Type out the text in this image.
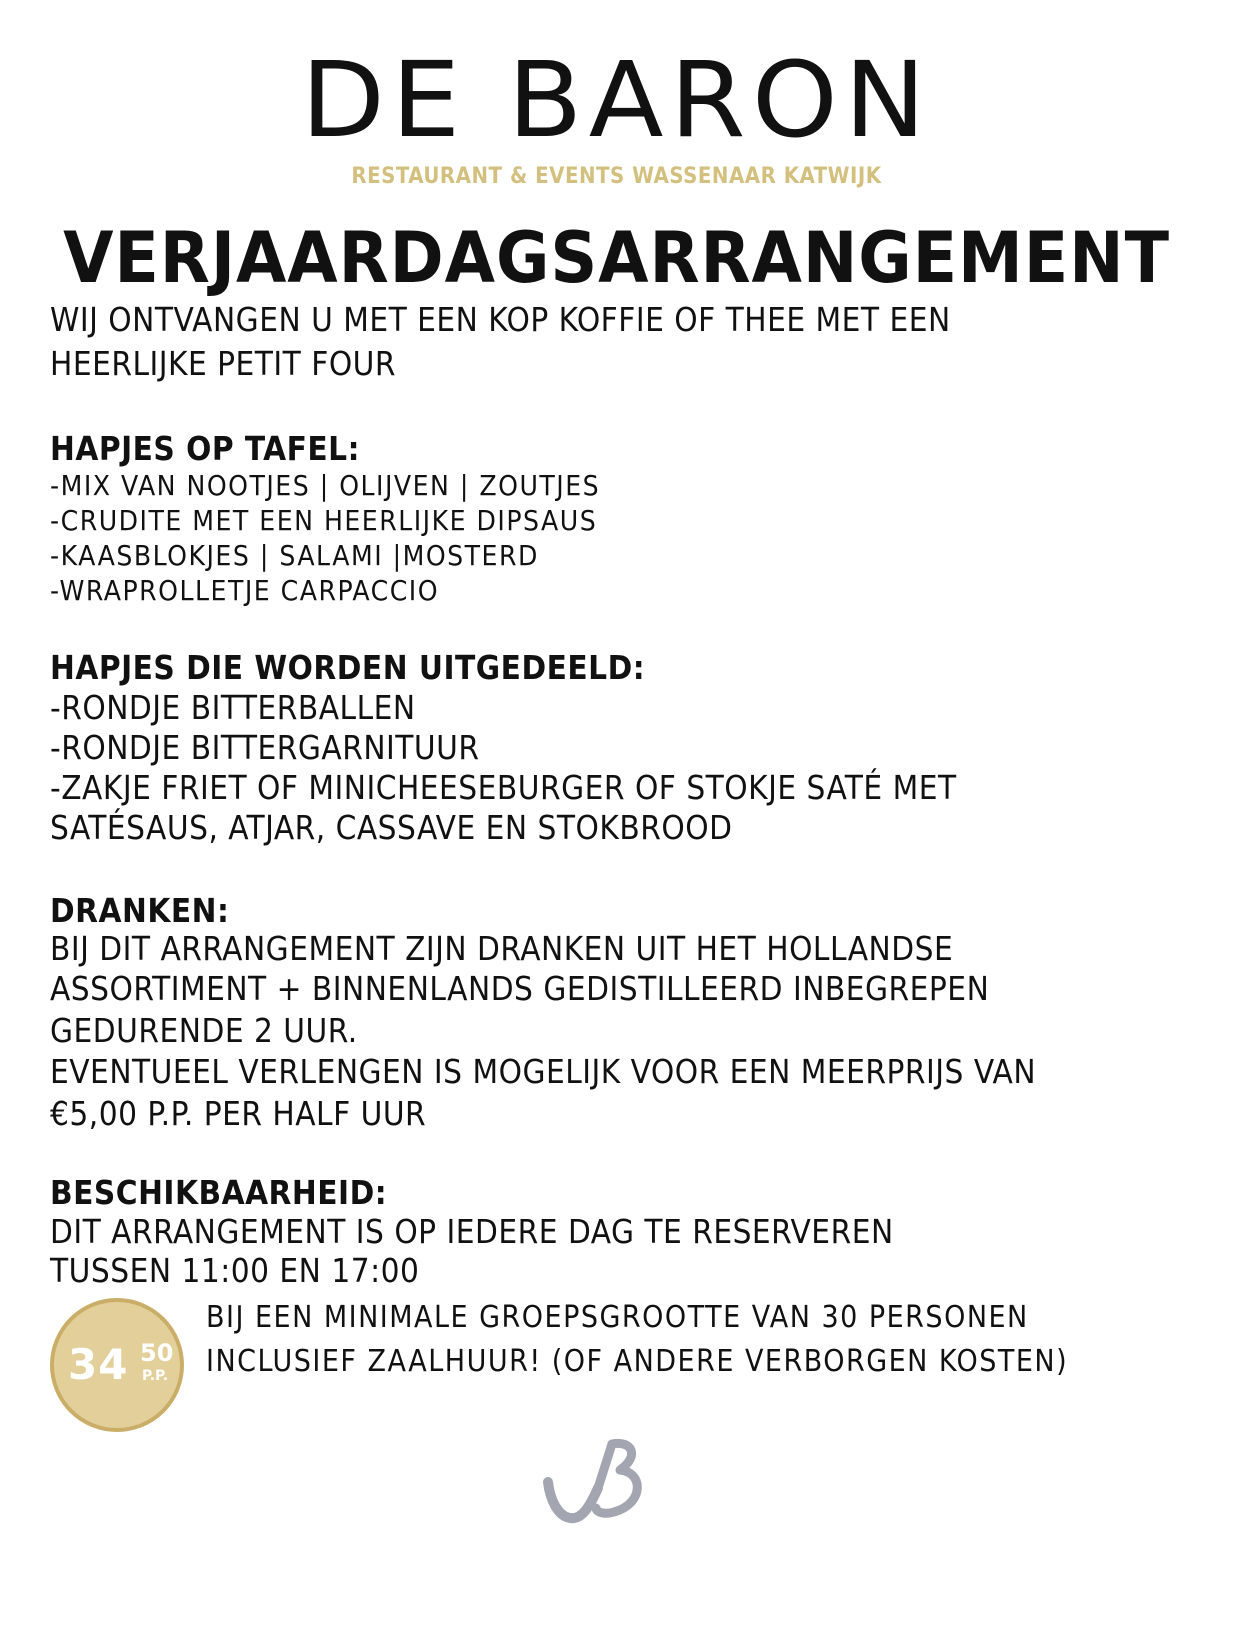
DE BARON
RESTAURANT & EVENTS WASSENAAR KATWIJK
VERJAARDAGSARRANGEMENT
WIJ ONTVANGEN U MET EEN KOP KOFFIE OF THEE MET EEN
HEERLIJKE PETIT FOUR
HAPJES OP TAFEL:
-MIX VAN NOOTJES | OLIJVEN | ZOUTJES
-CRUDITE MET EEN HEERLIJKE DIPSAUS
-KAASBLOKJES | SALAMI |MOSTERD
-WRAPROLLETJE CARPACCIO
HAPJES DIE WORDEN UITGEDEELD:
-RONDJE BITTERBALLEN
-RONDJE BITTERGARNITUUR
-ZAKJE FRIET OF MINICHEESEBURGER OF STOKJE SATÉ MET
SATÉSAUS, ATJAR, CASSAVE EN STOKBROOD
DRANKEN:
BIJ DIT ARRANGEMENT ZIJN DRANKEN UIT HET HOLLANDSE
ASSORTIMENT + BINNENLANDS GEDISTILLEERD INBEGREPEN
GEDURENDE 2 UUR.
EVENTUEEL VERLENGEN IS MOGELIJK VOOR EEN MEERPRIJS VAN
€5,00 P.P. PER HALF UUR
BESCHIKBAARHEID:
DIT ARRANGEMENT IS OP IEDERE DAG TE RESERVEREN
TUSSEN 11:00 EN 17:00
34 50
P.P.
BIJ EEN MINIMALE GROEPSGROOTTE VAN 30 PERSONEN
INCLUSIEF ZAALHUUR! (OF ANDERE VERBORGEN KOSTEN)
